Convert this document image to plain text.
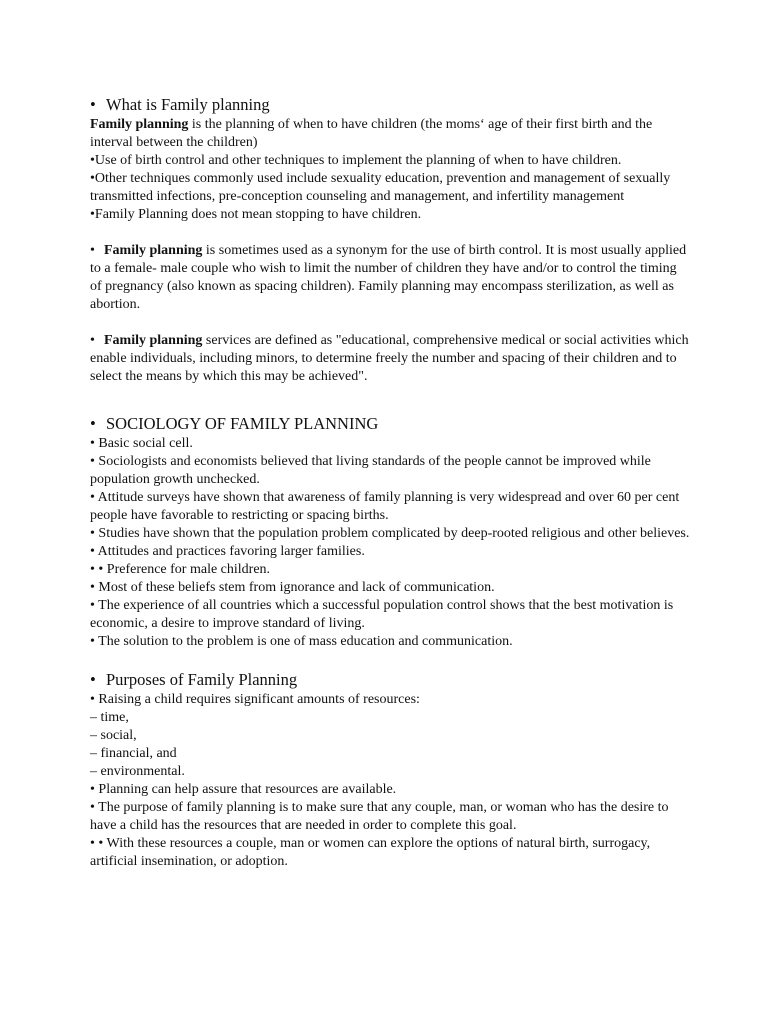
• What is Family planning

Family planning is the planning of when to have children (the moms‘ age of their first birth and the interval between the children)

•Use of birth control and other techniques to implement the planning of when to have children.

•Other techniques commonly used include sexuality education, prevention and management of sexually transmitted infections, pre-conception counseling and management, and infertility management

•Family Planning does not mean stopping to have children.

• Family planning is sometimes used as a synonym for the use of birth control. It is most usually applied to a female- male couple who wish to limit the number of children they have and/or to control the timing of pregnancy (also known as spacing children). Family planning may encompass sterilization, as well as abortion.

• Family planning services are defined as "educational, comprehensive medical or social activities which enable individuals, including minors, to determine freely the number and spacing of their children and to select the means by which this may be achieved".

• SOCIOLOGY OF FAMILY PLANNING

• Basic social cell.

• Sociologists and economists believed that living standards of the people cannot be improved while population growth unchecked.

• Attitude surveys have shown that awareness of family planning is very widespread and over 60 per cent people have favorable to restricting or spacing births.

• Studies have shown that the population problem complicated by deep-rooted religious and other believes.

• Attitudes and practices favoring larger families.

• • Preference for male children.

• Most of these beliefs stem from ignorance and lack of communication.

• The experience of all countries which a successful population control shows that the best motivation is economic, a desire to improve standard of living.

• The solution to the problem is one of mass education and communication.

• Purposes of Family Planning

• Raising a child requires significant amounts of resources:

– time,

– social,

– financial, and

– environmental.

• Planning can help assure that resources are available.

• The purpose of family planning is to make sure that any couple, man, or woman who has the desire to have a child has the resources that are needed in order to complete this goal.

• • With these resources a couple, man or women can explore the options of natural birth, surrogacy, artificial insemination, or adoption.
